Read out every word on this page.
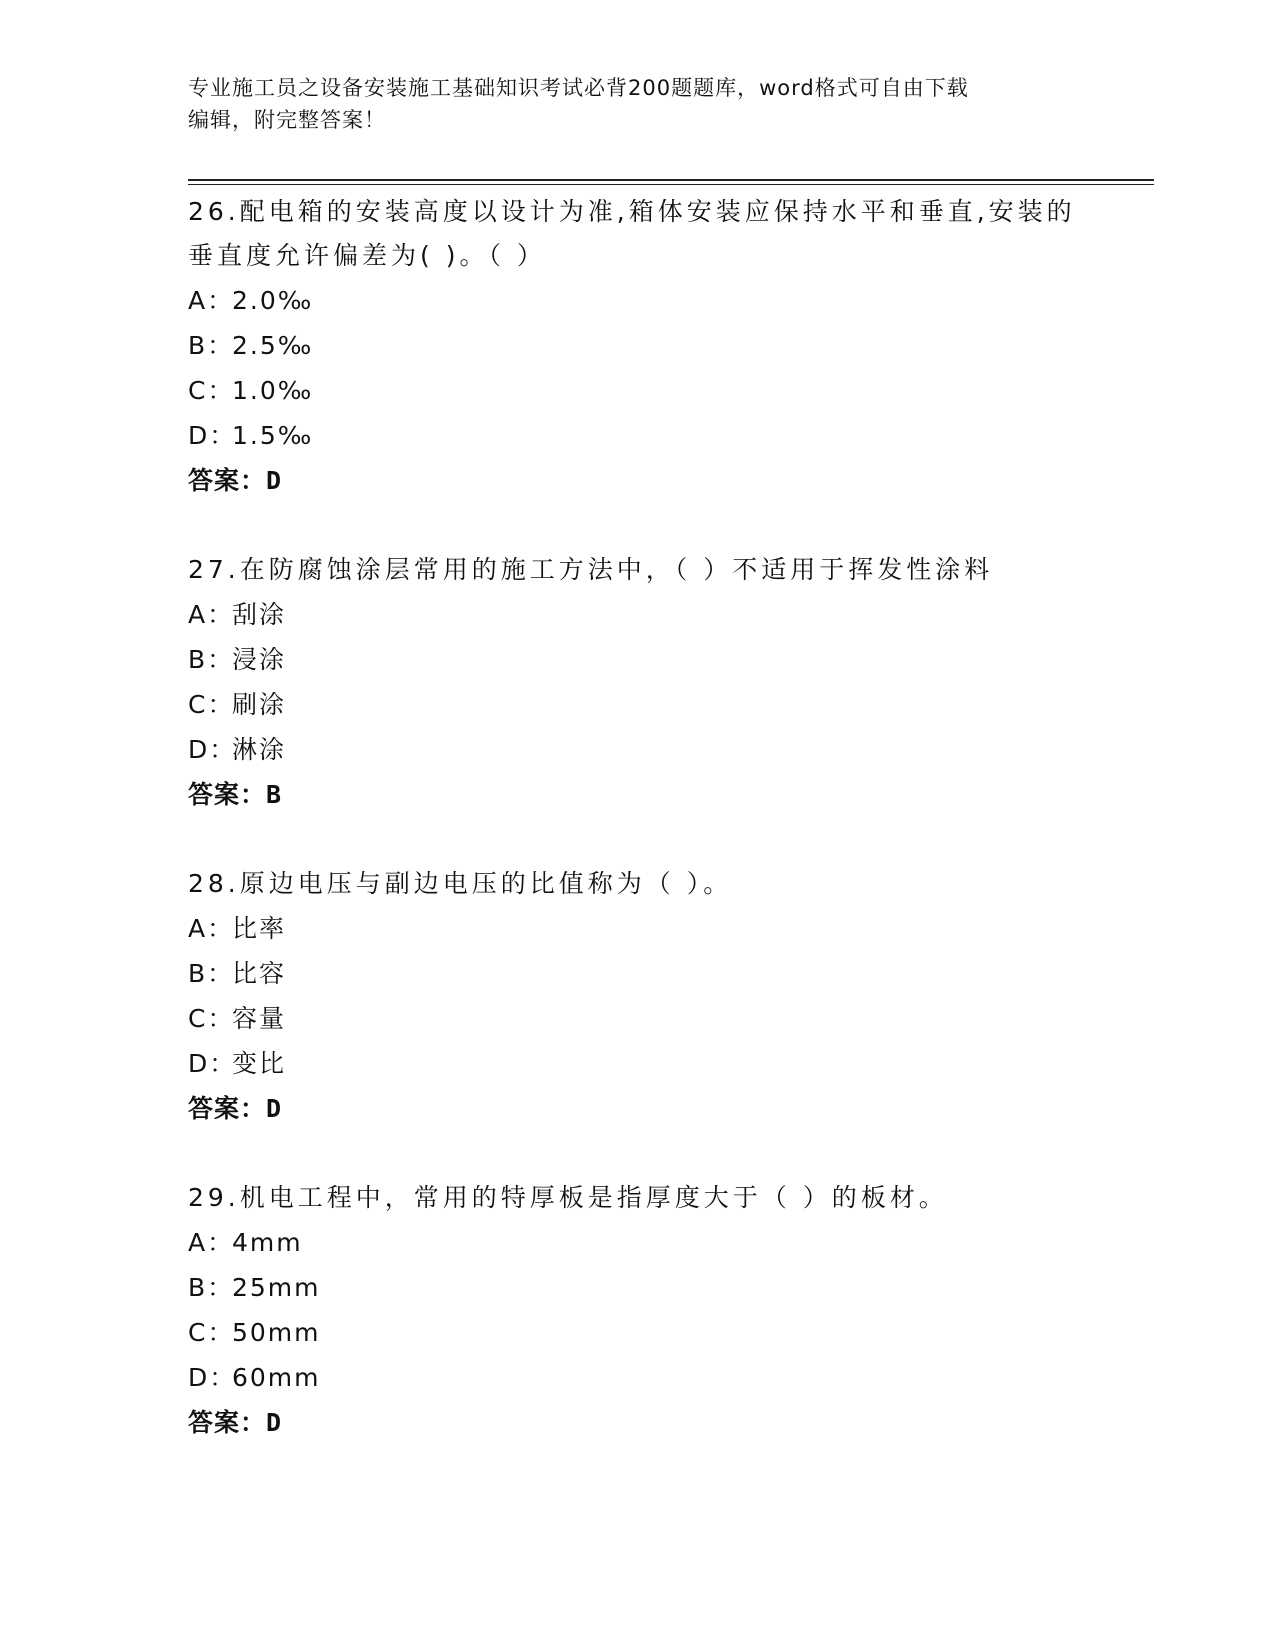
专业施工员之设备安装施工基础知识考试必背200题题库，word格式可自由下载
编辑，附完整答案！

26.配电箱的安装高度以设计为准,箱体安装应保持水平和垂直,安装的

垂直度允许偏差为( )。（ ）

A：2.0‰

B：2.5‰

C：1.0‰

D：1.5‰

答案：D

27.在防腐蚀涂层常用的施工方法中，（ ）不适用于挥发性涂料

A：刮涂

B：浸涂

C：刷涂

D：淋涂

答案：B

28.原边电压与副边电压的比值称为（ ）。

A：比率

B：比容

C：容量

D：变比

答案：D

29.机电工程中，常用的特厚板是指厚度大于（ ）的板材。

A：4mm

B：25mm

C：50mm

D：60mm

答案：D
